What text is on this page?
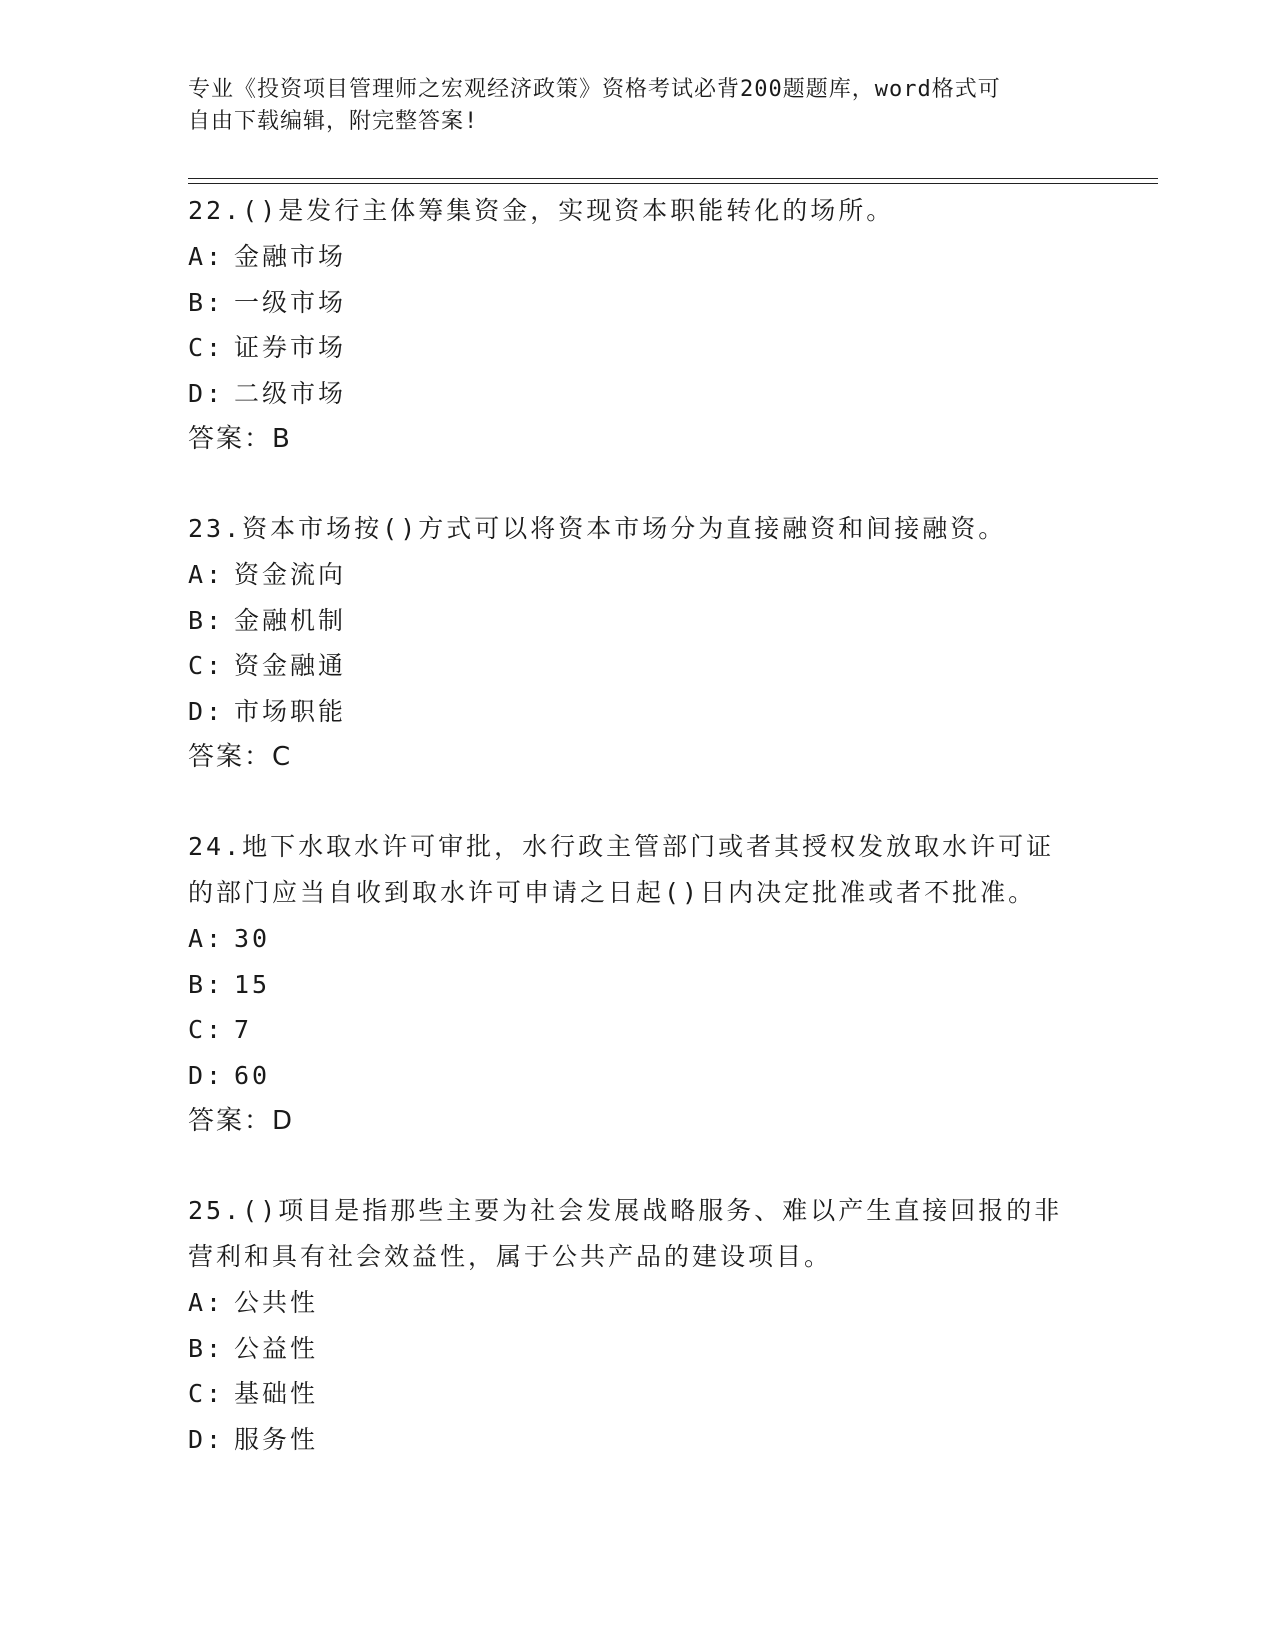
专业《投资项目管理师之宏观经济政策》资格考试必背200题题库，word格式可
自由下载编辑，附完整答案!
22.()是发行主体筹集资金，实现资本职能转化的场所。
A: 金融市场
B: 一级市场
C: 证券市场
D: 二级市场
答案：B
23.资本市场按()方式可以将资本市场分为直接融资和间接融资。
A: 资金流向
B: 金融机制
C: 资金融通
D: 市场职能
答案：C
24.地下水取水许可审批，水行政主管部门或者其授权发放取水许可证
的部门应当自收到取水许可申请之日起()日内决定批准或者不批准。
A: 30
B: 15
C: 7
D: 60
答案：D
25.()项目是指那些主要为社会发展战略服务、难以产生直接回报的非
营利和具有社会效益性，属于公共产品的建设项目。
A: 公共性
B: 公益性
C: 基础性
D: 服务性
